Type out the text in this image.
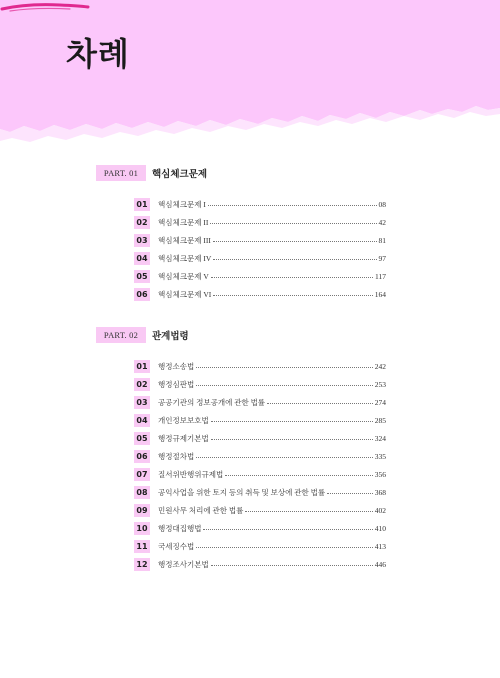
차례
PART. 01	핵심체크문제
01	핵심체크문제 I	08
02	핵심체크문제 II	42
03	핵심체크문제 III	81
04	핵심체크문제 IV	97
05	핵심체크문제 V	117
06	핵심체크문제 VI	164
PART. 02	관계법령
01	행정소송법	242
02	행정심판법	253
03	공공기관의 정보공개에 관한 법률	274
04	개인정보보호법	285
05	행정규제기본법	324
06	행정절차법	335
07	질서위반행위규제법	356
08	공익사업을 위한 토지 등의 취득 및 보상에 관한 법률	368
09	민원사무 처리에 관한 법률	402
10	행정대집행법	410
11	국세징수법	413
12	행정조사기본법	446
